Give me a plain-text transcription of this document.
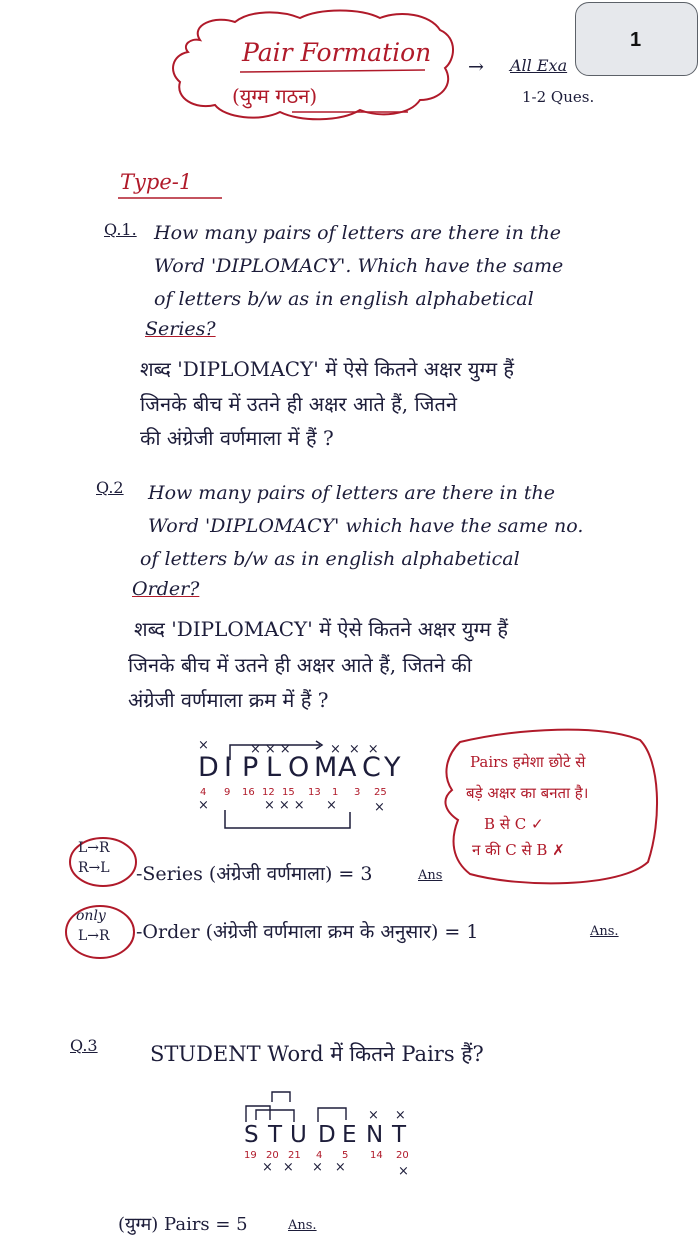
1
Pair Formation
(युग्म गठन)
→ All Exa
1-2 Ques.
Type-1
Q.1. How many pairs of letters are there in the
Word 'DIPLOMACY'. Which have the same
of letters b/w as in english alphabetical
Series?
शब्द 'DIPLOMACY' में ऐसे कितने अक्षर युग्म हैं
जिनके बीच में उतने ही अक्षर आते हैं, जितने
की अंग्रेजी वर्णमाला में हैं ?
Q.2 How many pairs of letters are there in the
Word 'DIPLOMACY' which have the same no.
of letters b/w as in english alphabetical
Order?
शब्द 'DIPLOMACY' में ऐसे कितने अक्षर युग्म हैं
जिनके बीच में उतने ही अक्षर आते हैं, जितने की
अंग्रेजी वर्णमाला क्रम में हैं ?
D I P L O
M
A C
Y
×	×××	×××
4 9 16 12 15 13 1 3 25
×	××× ×	×
Pairs हमेशा छोटे से
बड़े अक्षर का बनता है।
B से C ✓
न की C से B ✗
L→R
R→L -Series (अंग्रेजी वर्णमाला) = 3	Ans
only
L→R -Order (अंग्रेजी वर्णमाला क्रम के अनुसार) = 1	Ans.
Q.3 STUDENT Word में कितने Pairs हैं?
××
S T U D E N T
19 20 21 4 5 14 20
×× ××	×
(युग्म) Pairs = 5	Ans.
